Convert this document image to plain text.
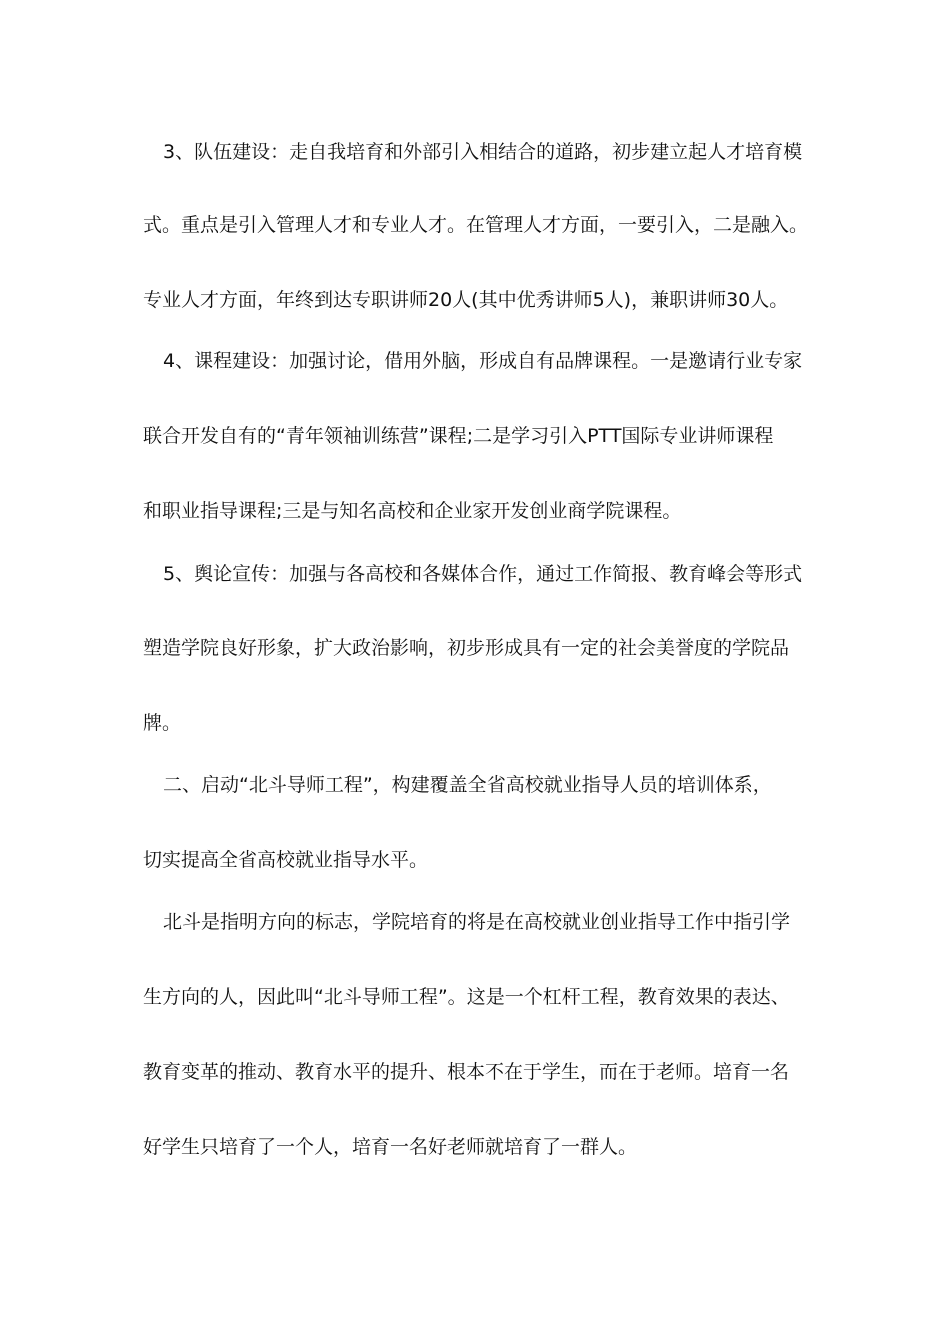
3、队伍建设：走自我培育和外部引入相结合的道路，初步建立起人才培育模
式。重点是引入管理人才和专业人才。在管理人才方面，一要引入，二是融入。
专业人才方面，年终到达专职讲师20人(其中优秀讲师5人)，兼职讲师30人。
4、课程建设：加强讨论，借用外脑，形成自有品牌课程。一是邀请行业专家
联合开发自有的“青年领袖训练营”课程;二是学习引入PTT国际专业讲师课程
和职业指导课程;三是与知名高校和企业家开发创业商学院课程。
5、舆论宣传：加强与各高校和各媒体合作，通过工作简报、教育峰会等形式
塑造学院良好形象，扩大政治影响，初步形成具有一定的社会美誉度的学院品
牌。
二、启动“北斗导师工程”，构建覆盖全省高校就业指导人员的培训体系，
切实提高全省高校就业指导水平。
北斗是指明方向的标志，学院培育的将是在高校就业创业指导工作中指引学
生方向的人，因此叫“北斗导师工程”。这是一个杠杆工程，教育效果的表达、
教育变革的推动、教育水平的提升、根本不在于学生，而在于老师。培育一名
好学生只培育了一个人，培育一名好老师就培育了一群人。
